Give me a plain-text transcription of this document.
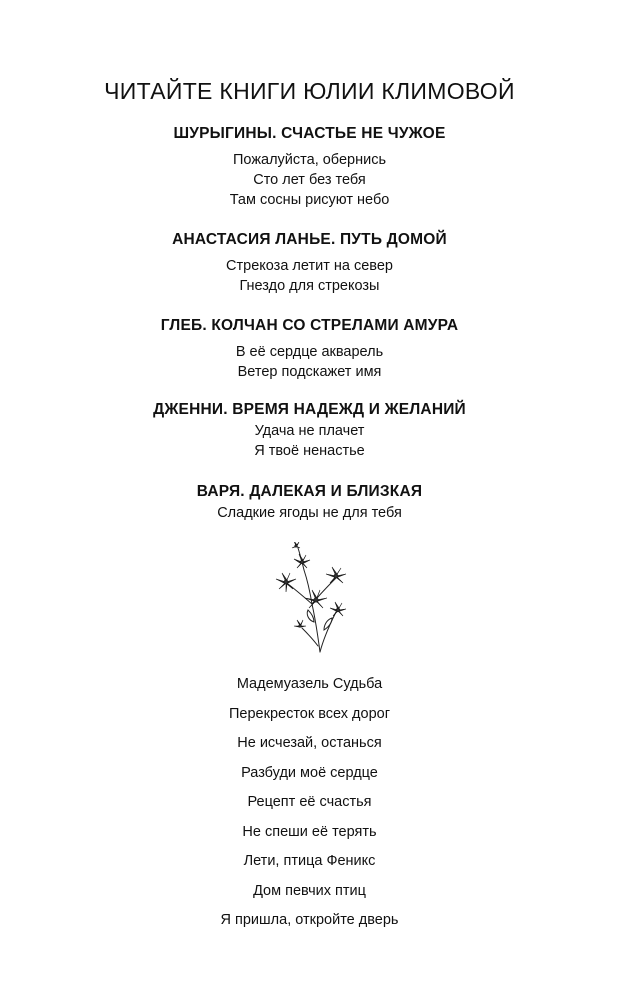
ЧИТАЙТЕ КНИГИ ЮЛИИ КЛИМОВОЙ

ШУРЫГИНЫ. СЧАСТЬЕ НЕ ЧУЖОЕ

Пожалуйста, обернись

Сто лет без тебя

Там сосны рисуют небо

АНАСТАСИЯ ЛАНЬЕ. ПУТЬ ДОМОЙ

Стрекоза летит на север

Гнездо для стрекозы

ГЛЕБ. КОЛЧАН СО СТРЕЛАМИ АМУРА

В её сердце акварель

Ветер подскажет имя

ДЖЕННИ. ВРЕМЯ НАДЕЖД И ЖЕЛАНИЙ

Удача не плачет

Я твоё ненастье

ВАРЯ. ДАЛЕКАЯ И БЛИЗКАЯ

Сладкие ягоды не для тебя

Мадемуазель Судьба

Перекресток всех дорог

Не исчезай, останься

Разбуди моё сердце

Рецепт её счастья

Не спеши её терять

Лети, птица Феникс

Дом певчих птиц

Я пришла, откройте дверь
